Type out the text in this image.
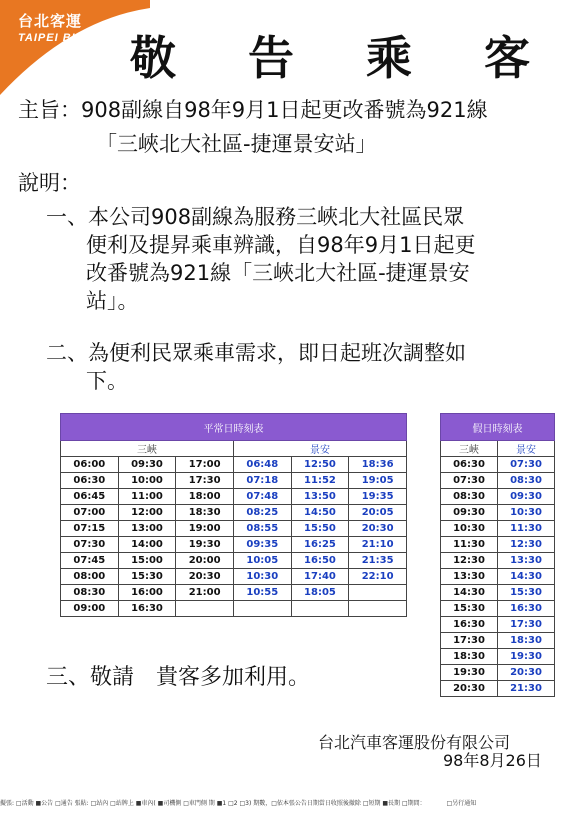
台北客運
TAIPEI BUS 敬 告 乘 客
主旨：908副線自98年9月1日起更改番號為921線
「三峽北大社區-捷運景安站」
說明：
一、本公司908副線為服務三峽北大社區民眾
便利及提昇乘車辨識，自98年9月1日起更
改番號為921線「三峽北大社區-捷運景安
站」。
二、為便利民眾乘車需求，即日起班次調整如
下。
平常日時刻表					
三峽			景安		
06:00	09:30	17:00	06:48	12:50	18:36
06:30	10:00	17:30	07:18	11:52	19:05
06:45	11:00	18:00	07:48	13:50	19:35
07:00	12:00	18:30	08:25	14:50	20:05
07:15	13:00	19:00	08:55	15:50	20:30
07:30	14:00	19:30	09:35	16:25	21:10
07:45	15:00	20:00	10:05	16:50	21:35
08:00	15:30	20:30	10:30	17:40	22:10
08:30	16:00	21:00	10:55	18:05	
09:00	16:30				
假日時刻表	
三峽	景安
06:30	07:30
07:30	08:30
08:30	09:30
09:30	10:30
10:30	11:30
11:30	12:30
12:30	13:30
13:30	14:30
14:30	15:30
15:30	16:30
16:30	17:30
17:30	18:30
18:30	19:30
19:30	20:30
20:30	21:30
三、敬請　貴客多加利用。
台北汽車客運股份有限公司
98年8月26日
擬張: □活動 ■公告 □通告 張貼: □站內 □站牌上 ■車內( ■司機側 □車門側 期 ■1 □2 □3) 期數，□依本張公告日期當日收照後撤除 □短期 ■長期 □期間：　　　　□另行通知
